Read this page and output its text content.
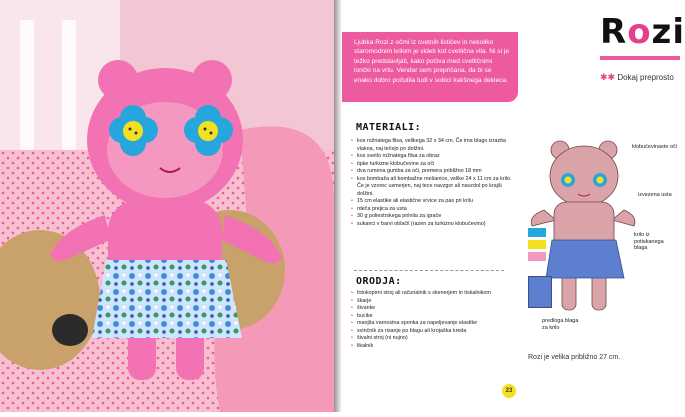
Ljubka Rozi z očmi iz cvetnih lističev in nekoliko staromodnim krilom je videti kot cvetlična vila. Ni si je težko predstavljati, kako počiva med cvetličnimi lončki na vrtu. Vendar sem prepričana, da bi se enako dobro počutila tudi v sobici kakšnega dekleca.
Rozi
✱✱ Dokaj preprosto
MATERIALI:
• kos rožnatega flisa, velikega 32 x 34 cm. Če ima blago izrazita vlakna, naj tečejo po dolžini.
• kos svetlo rožnatega flisa za obraz
• tipke turkizne klobučevine za oči
• dva rumena gumba za oči, premera približno 18 mm
• kos bombaža ali bombažne mešanice, velike 24 x 11 cm za krilo. Če je vzorec usmerjen, naj tece navzgor ali navzdol po krajši dolžini.
• 15 cm elastike ali elastične vrvice za pas pri krilu
• rdeča prejica za usta
• 30 g poliestrskega polnila za igrače
• sukanci v barvi oblačil (razen za turkizno klobučevino)
ORODJA:
• fotokopirni stroj ali računalnik s skenerjem in tiskalnikom
• škarje
• šivanke
• bucike
• manjša varnostna sponka za napeljevanje elastike
• svinčnik za risanje po blagu ali krojaška kreda
• šivalni stroj (ni nujno)
• likalnik
klobučevinaste oči
izvezena usta
krilo iz potiskanega blaga
predloga blaga za krilo
Rozi je velika približno 27 cm.
23
